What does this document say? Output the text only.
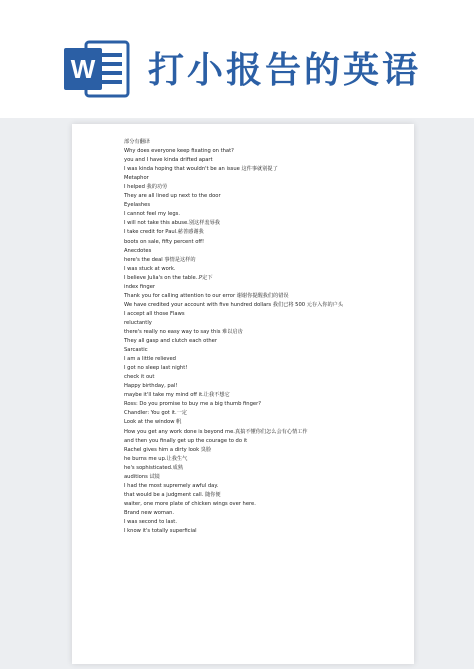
W 打小报告的英语
部分有翻译
Why does everyone keep fixating on that?
you and I have kinda drifted apart
I was kinda hoping that wouldn't be an issue 这件事就别提了
Metaphor
I helped 我的功劳
They are all lined up next to the door
Eyelashes
I cannot feel my legs.
I will not take this abuse.别这样羞辱我
I take credit for Paul.慈善感谢我
boots on sale, fifty percent off!
Anecdotes
here's the deal 事情是这样的
I was stuck at work.
I believe Julia's on the table..P定下
index finger
Thank you for calling attention to our error 谢谢你提醒我们的错误
We have credited your account with five hundred dollars 我们已将 500 元存入你的户头
I accept all those Flaws
reluctantly
there's really no easy way to say this 难以启齿
They all gasp and clutch each other
Sarcastic
I am a little relieved
I got no sleep last night!
check it out
Happy birthday, pal!
maybe it'll take my mind off it.让我不想它
Ross: Do you promise to buy me a big thumb finger?
Chandler: You got it.一定
Look at the window 帆
How you get any work done is beyond me.真搞不懂你们怎么会有心情工作
and then you finally get up the courage to do it
Rachel gives him a dirty look 臭脸
he burns me up.让我生气
he's sophisticated.成熟
auditions 试镜
I had the most supremely awful day.
that would be a judgment call. 随你便
waiter, one more plate of chicken wings over here.
Brand new woman.
I was second to last.
I know it's totally superficial
